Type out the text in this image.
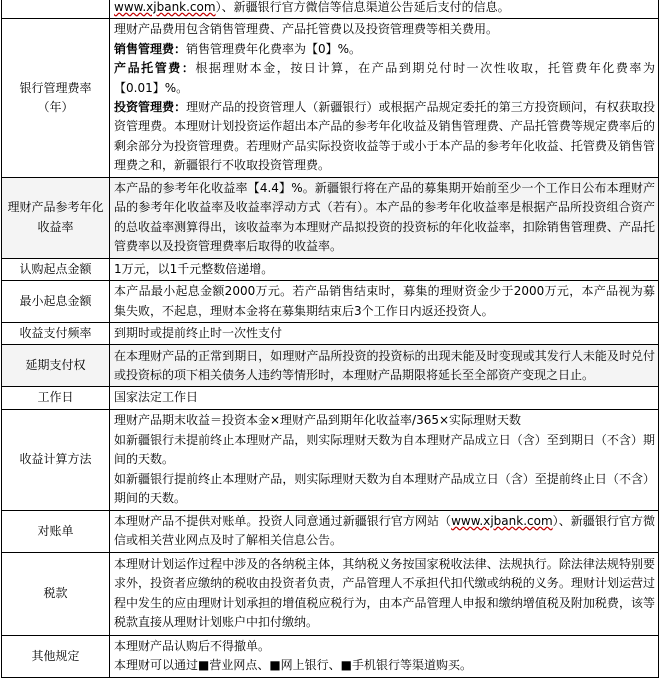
	www.xjbank.com）、新疆银行官方微信等信息渠道公告延后支付的信息。

银行管理费率（年）	理财产品费用包含销售管理费、产品托管费以及投资管理费等相关费用。

销售管理费：销售管理费年化费率为【0】%。

产品托管费：根据理财本金，按日计算，在产品到期兑付时一次性收取，托管费年化费率为【0.01】%。

投资管理费：理财产品的投资管理人（新疆银行）或根据产品规定委托的第三方投资顾问，有权获取投资管理费。本理财计划投资运作超出本产品的参考年化收益及销售管理费、产品托管费等规定费率后的剩余部分为投资管理费。若理财产品实际投资收益等于或小于本产品的参考年化收益、托管费及销售管理费之和，新疆银行不收取投资管理费。

理财产品参考年化收益率	本产品的参考年化收益率【4.4】%。新疆银行将在产品的募集期开始前至少一个工作日公布本理财产品的参考年化收益率及收益率浮动方式（若有）。本产品的参考年化收益率是根据产品所投资组合资产的总收益率测算得出，该收益率为本理财产品拟投资的投资标的年化收益率，扣除销售管理费、产品托管费率以及投资管理费率后取得的收益率。

认购起点金额	1万元，以1千元整数倍递增。

最小起息金额	本产品最小起息金额2000万元。若产品销售结束时，募集的理财资金少于2000万元，本产品视为募集失败，不起息，理财本金将在募集期结束后3个工作日内返还投资人。

收益支付频率	到期时或提前终止时一次性支付

延期支付权	在本理财产品的正常到期日，如理财产品所投资的投资标的出现未能及时变现或其发行人未能及时兑付或投资标的项下相关债务人违约等情形时，本理财产品期限将延长至全部资产变现之日止。

工作日	国家法定工作日

收益计算方法	理财产品期末收益＝投资本金×理财产品到期年化收益率/365×实际理财天数

如新疆银行未提前终止本理财产品，则实际理财天数为自本理财产品成立日（含）至到期日（不含）期间的天数。

如新疆银行提前终止本理财产品，则实际理财天数为自本理财产品成立日（含）至提前终止日（不含）期间的天数。

对账单	本理财产品不提供对账单。投资人同意通过新疆银行官方网站（www.xjbank.com）、新疆银行官方微信或相关营业网点及时了解相关信息公告。

税款	本理财计划运作过程中涉及的各纳税主体，其纳税义务按国家税收法律、法规执行。除法律法规特别要求外，投资者应缴纳的税收由投资者负责，产品管理人不承担代扣代缴或纳税的义务。理财计划运营过程中发生的应由理财计划承担的增值税应税行为，由本产品管理人申报和缴纳增值税及附加税费，该等税款直接从理财计划账户中扣付缴纳。

其他规定	本理财产品认购后不得撤单。

本理财可以通过■营业网点、■网上银行、■手机银行等渠道购买。
